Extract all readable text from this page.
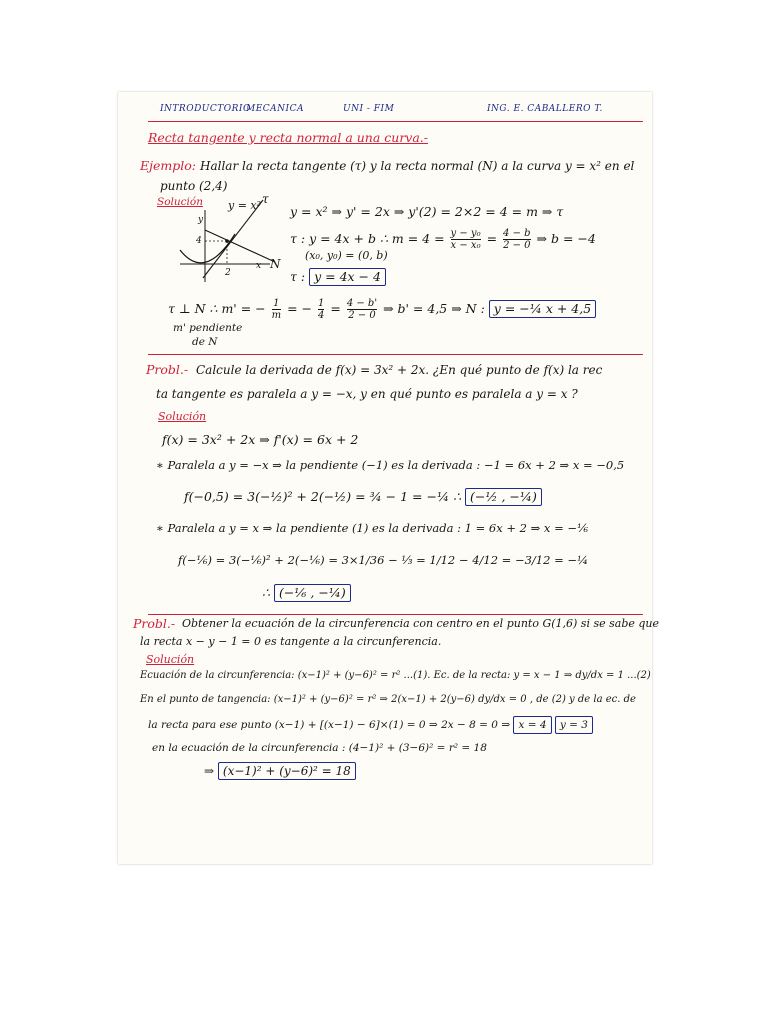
INTRODUCTORIO
MECANICA	UNI - FIM	ING. E. CABALLERO T.
Recta tangente y recta normal a una curva.-
Ejemplo: Hallar la recta tangente (τ) y la recta normal (N) a la curva y = x² en el
punto (2,4)
Solución y = x² τ
N
y
x
4
2
y = x² ⇒ y' = 2x ⇒ y'(2) = 2×2 = 4 = m ⇒ τ
τ : y = 4x + b ∴ $m = 4 = \frac{\text{y − y₀}}{\text{x − x₀}} = \frac{4 - b}{2 - 0}$ ⇒ b = −4
(x₀, y₀) = (0, b)
τ : y = 4x − 4
τ ⊥ N ∴ m' = − $\frac{1}{m}$ = − $\frac{1}{4} = \frac{4 - b'}{2 - 0}$ ⇒ b' = 4,5 ⇒ N : y = −¼ x + 4,5
m' pendiente
de N
Probl.- Calcule la derivada de f(x) = 3x² + 2x. ¿En qué punto de f(x) la rec
ta tangente es paralela a y = −x, y en qué punto es paralela a y = x ?
Solución
f(x) = 3x² + 2x ⇒ f'(x) = 6x + 2
∗ Paralela a y = −x ⇒ la pendiente (−1) es la derivada : −1 = 6x + 2 ⇒ x = −0,5
f(−0,5) = 3(−½)² + 2(−½) = ¾ − 1 = −¼ ∴ (−½ , −¼)
∗ Paralela a y = x ⇒ la pendiente (1) es la derivada : 1 = 6x + 2 ⇒ x = −⅙
f(−⅙) = 3(−⅙)² + 2(−⅙) = 3×1/36 − ⅓ = 1/12 − 4/12 = −3/12 = −¼
∴ (−⅙ , −¼)
Probl.- Obtener la ecuación de la circunferencia con centro en el punto G(1,6) si se sabe que
la recta x − y − 1 = 0 es tangente a la circunferencia.
Solución
Ecuación de la circunferencia: (x−1)² + (y−6)² = r² ...(1). Ec. de la recta: y = x − 1 ⇒ dy/dx = 1 ...(2)
En el punto de tangencia: (x−1)² + (y−6)² = r² ⇒ 2(x−1) + 2(y−6) dy/dx = 0 , de (2) y de la ec. de
la recta para ese punto (x−1) + [(x−1) − 6]×(1) = 0 ⇒ 2x − 8 = 0 ⇒ x = 4 y = 3
en la ecuación de la circunferencia : (4−1)² + (3−6)² = r² = 18
⇒ (x−1)² + (y−6)² = 18
